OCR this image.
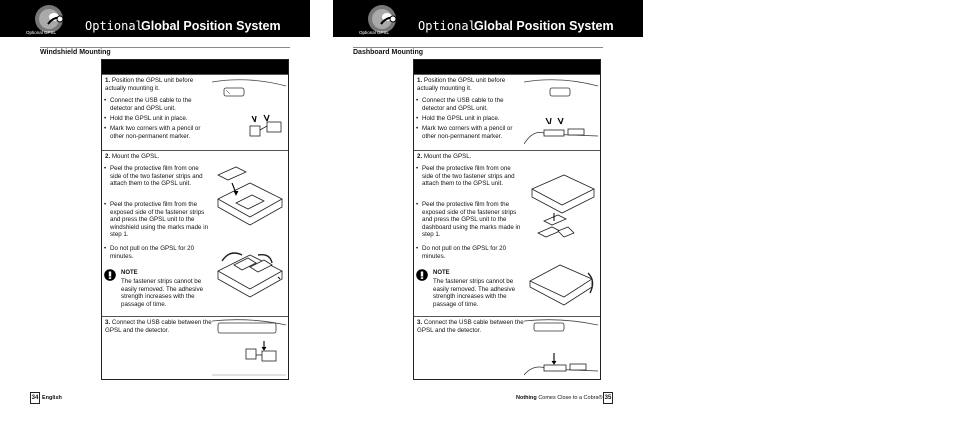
Optional GPSL Optional
Global Position System
Windshield Mounting
1. Position the GPSL unit before actually mounting it.
• Connect the USB cable to the detector and GPSL unit.
• Hold the GPSL unit in place.
• Mark two corners with a pencil or other non-permanent marker.
2. Mount the GPSL.
• Peel the protective film from one side of the two fastener strips and attach them to the GPSL unit.
• Peel the protective film from the exposed side of the fastener strips and press the GPSL unit to the windshield using the marks made in step 1.
• Do not pull on the GPSL for 20 minutes.
NOTE
The fastener strips cannot be easily removed. The adhesive strength increases with the passage of time.
3. Connect the USB cable between the GPSL and the detector.
34 English
Optional GPSL Optional
Global Position System
Dashboard Mounting
1. Position the GPSL unit before actually mounting it.
• Connect the USB cable to the detector and GPSL unit.
• Hold the GPSL unit in place.
• Mark two corners with a pencil or other non-permanent marker.
2. Mount the GPSL.
• Peel the protective film from one side of the two fastener strips and attach them to the GPSL unit.
• Peel the protective film from the exposed side of the fastener strips and press the GPSL unit to the dashboard using the marks made in step 1.
• Do not pull on the GPSL for 20 minutes.
NOTE
The fastener strips cannot be easily removed. The adhesive strength increases with the passage of time.
3. Connect the USB cable between the GPSL and the detector.
Nothing Comes Close to a Cobra® 35
